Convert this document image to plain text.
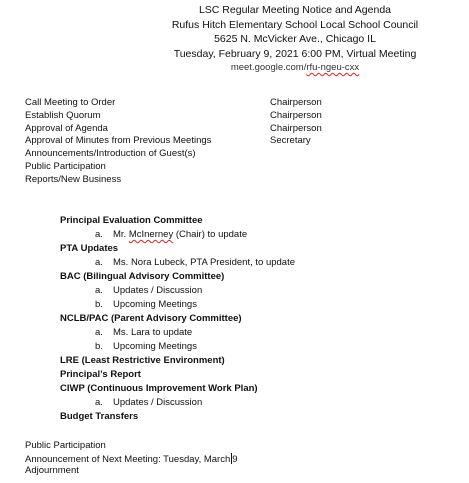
LSC Regular Meeting Notice and Agenda
Rufus Hitch Elementary School Local School Council
5625 N. McVicker Ave., Chicago IL
Tuesday, February 9, 2021 6:00 PM, Virtual Meeting
meet.google.com/rfu-ngeu-cxx
Call Meeting to Order	Chairperson
Establish Quorum	Chairperson
Approval of Agenda	Chairperson
Approval of Minutes from Previous Meetings	Secretary
Announcements/Introduction of Guest(s)
Public Participation
Reports/New Business
Principal Evaluation Committee
a. Mr. McInerney (Chair) to update
PTA Updates
a. Ms. Nora Lubeck, PTA President, to update
BAC (Bilingual Advisory Committee)
a. Updates / Discussion
b. Upcoming Meetings
NCLB/PAC (Parent Advisory Committee)
a. Ms. Lara to update
b. Upcoming Meetings
LRE (Least Restrictive Environment)
Principal’s Report
CIWP (Continuous Improvement Work Plan)
a. Updates / Discussion
Budget Transfers
Public Participation
Announcement of Next Meeting: Tuesday, March 9
Adjournment
